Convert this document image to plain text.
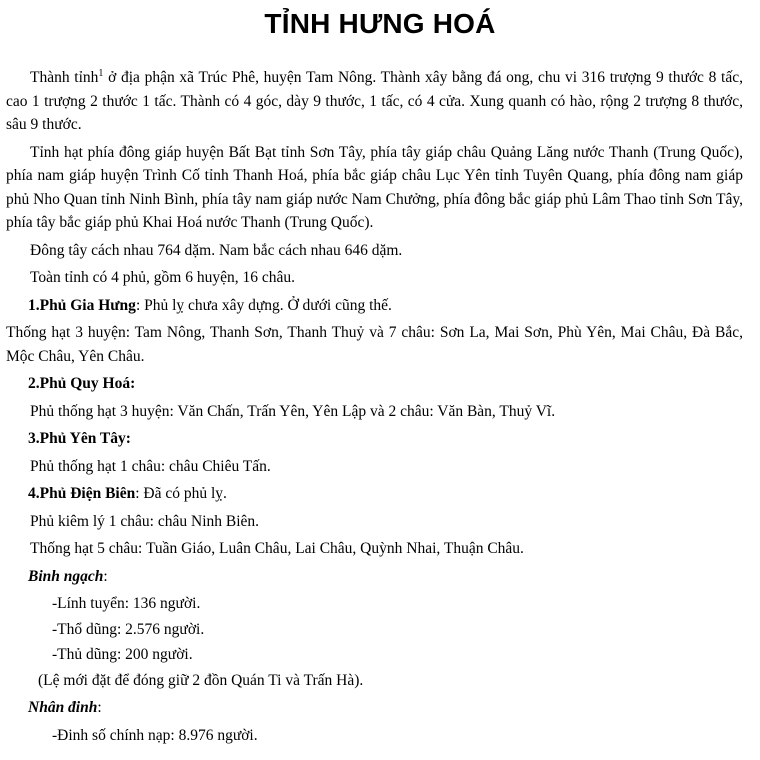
TỈNH HƯNG HOÁ

Thành tỉnh$^1$ ở địa phận xã Trúc Phê, huyện Tam Nông. Thành xây bằng đá ong, chu vi 316 trượng 9 thước 8 tấc, cao 1 trượng 2 thước 1 tấc. Thành có 4 góc, dày 9 thước, 1 tấc, có 4 cửa. Xung quanh có hào, rộng 2 trượng 8 thước, sâu 9 thước.

Tỉnh hạt phía đông giáp huyện Bất Bạt tỉnh Sơn Tây, phía tây giáp châu Quảng Lăng nước Thanh (Trung Quốc), phía nam giáp huyện Trình Cố tỉnh Thanh Hoá, phía bắc giáp châu Lục Yên tỉnh Tuyên Quang, phía đông nam giáp phủ Nho Quan tỉnh Ninh Bình, phía tây nam giáp nước Nam Chưởng, phía đông bắc giáp phủ Lâm Thao tỉnh Sơn Tây, phía tây bắc giáp phủ Khai Hoá nước Thanh (Trung Quốc).

Đông tây cách nhau 764 dặm. Nam bắc cách nhau 646 dặm.

Toàn tỉnh có 4 phủ, gồm 6 huyện, 16 châu.

1.Phủ Gia Hưng: Phủ lỵ chưa xây dựng. Ở dưới cũng thế.

Thống hạt 3 huyện: Tam Nông, Thanh Sơn, Thanh Thuỷ và 7 châu: Sơn La, Mai Sơn, Phù Yên, Mai Châu, Đà Bắc, Mộc Châu, Yên Châu.

2.Phủ Quy Hoá:

Phủ thống hạt 3 huyện: Văn Chấn, Trấn Yên, Yên Lập và 2 châu: Văn Bàn, Thuỷ Vĩ.

3.Phủ Yên Tây:

Phủ thống hạt 1 châu: châu Chiêu Tấn.

4.Phủ Điện Biên: Đã có phủ lỵ.

Phủ kiêm lý 1 châu: châu Ninh Biên.

Thống hạt 5 châu: Tuần Giáo, Luân Châu, Lai Châu, Quỳnh Nhai, Thuận Châu.

Binh ngạch:

-Lính tuyển: 136 người.

-Thổ dũng: 2.576 người.

-Thủ dũng: 200 người.

(Lệ mới đặt để đóng giữ 2 đồn Quán Ti và Trấn Hà).

Nhân đinh:

-Đinh số chính nạp: 8.976 người.
